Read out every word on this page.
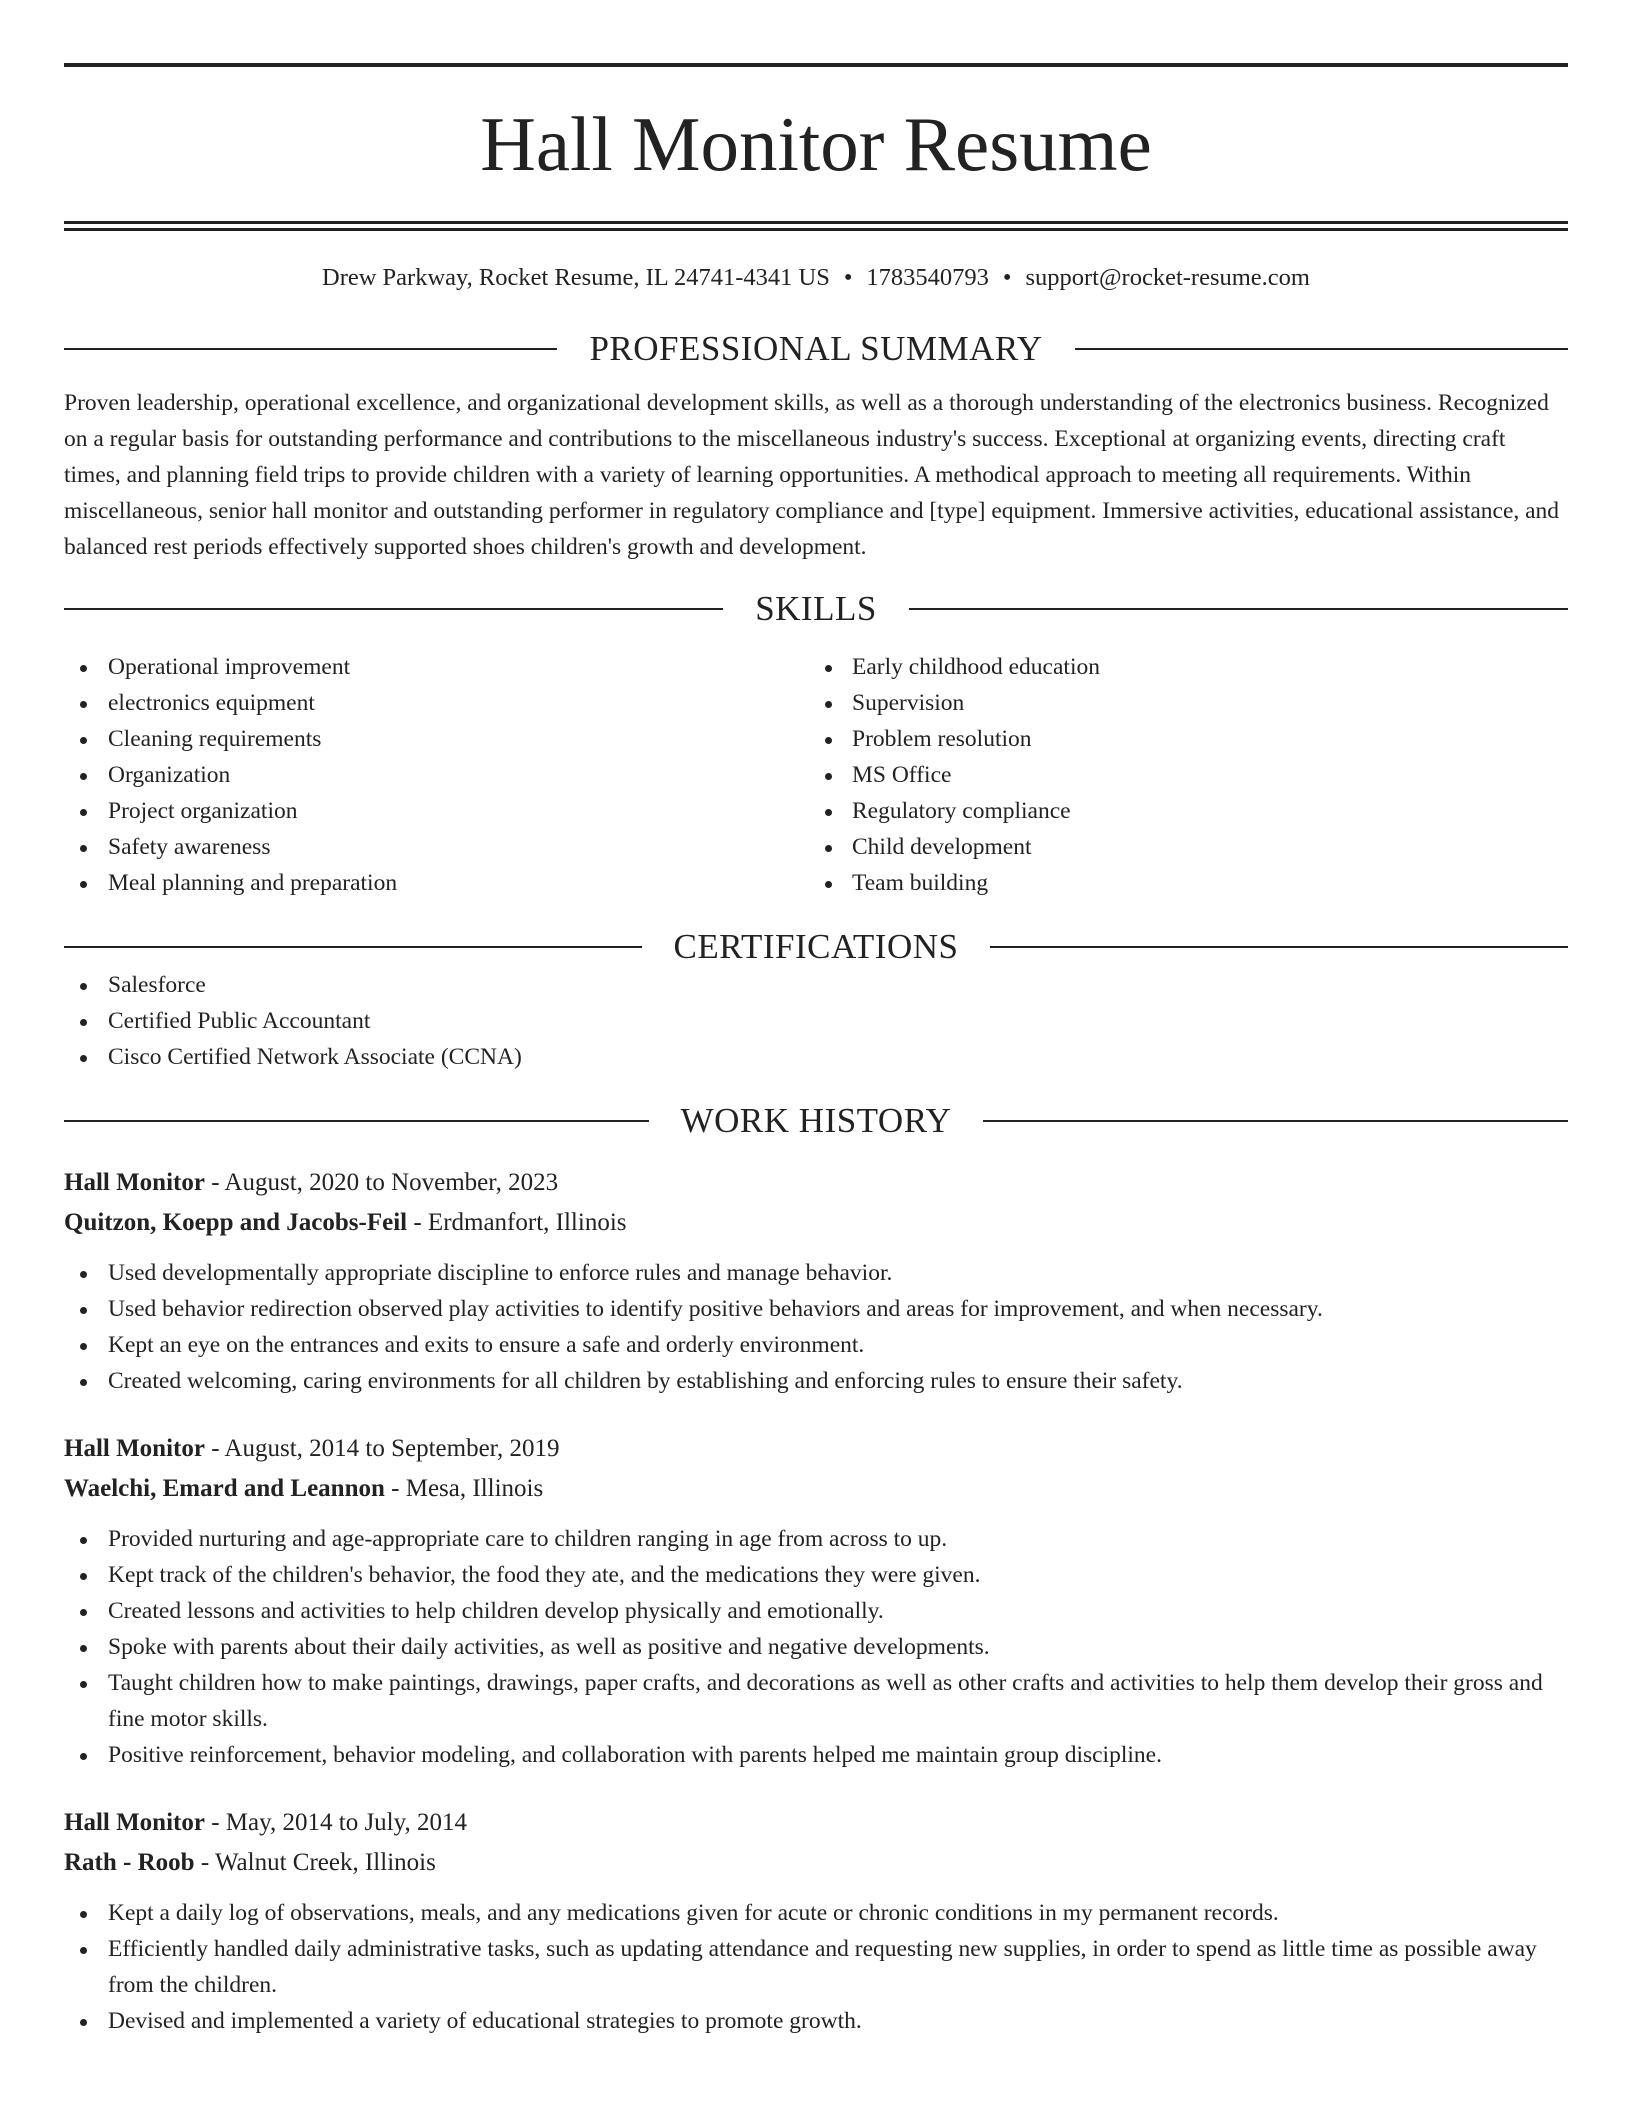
Hall Monitor Resume
Drew Parkway, Rocket Resume, IL 24741-4341 US • 1783540793 • support@rocket-resume.com
PROFESSIONAL SUMMARY
Proven leadership, operational excellence, and organizational development skills, as well as a thorough understanding of the electronics business. Recognized on a regular basis for outstanding performance and contributions to the miscellaneous industry's success. Exceptional at organizing events, directing craft times, and planning field trips to provide children with a variety of learning opportunities. A methodical approach to meeting all requirements. Within miscellaneous, senior hall monitor and outstanding performer in regulatory compliance and [type] equipment. Immersive activities, educational assistance, and balanced rest periods effectively supported shoes children's growth and development.
SKILLS
Operational improvement
electronics equipment
Cleaning requirements
Organization
Project organization
Safety awareness
Meal planning and preparation
Early childhood education
Supervision
Problem resolution
MS Office
Regulatory compliance
Child development
Team building
CERTIFICATIONS
Salesforce
Certified Public Accountant
Cisco Certified Network Associate (CCNA)
WORK HISTORY
Hall Monitor - August, 2020 to November, 2023
Quitzon, Koepp and Jacobs-Feil - Erdmanfort, Illinois
Used developmentally appropriate discipline to enforce rules and manage behavior.
Used behavior redirection observed play activities to identify positive behaviors and areas for improvement, and when necessary.
Kept an eye on the entrances and exits to ensure a safe and orderly environment.
Created welcoming, caring environments for all children by establishing and enforcing rules to ensure their safety.
Hall Monitor - August, 2014 to September, 2019
Waelchi, Emard and Leannon - Mesa, Illinois
Provided nurturing and age-appropriate care to children ranging in age from across to up.
Kept track of the children's behavior, the food they ate, and the medications they were given.
Created lessons and activities to help children develop physically and emotionally.
Spoke with parents about their daily activities, as well as positive and negative developments.
Taught children how to make paintings, drawings, paper crafts, and decorations as well as other crafts and activities to help them develop their gross and fine motor skills.
Positive reinforcement, behavior modeling, and collaboration with parents helped me maintain group discipline.
Hall Monitor - May, 2014 to July, 2014
Rath - Roob - Walnut Creek, Illinois
Kept a daily log of observations, meals, and any medications given for acute or chronic conditions in my permanent records.
Efficiently handled daily administrative tasks, such as updating attendance and requesting new supplies, in order to spend as little time as possible away from the children.
Devised and implemented a variety of educational strategies to promote growth.
